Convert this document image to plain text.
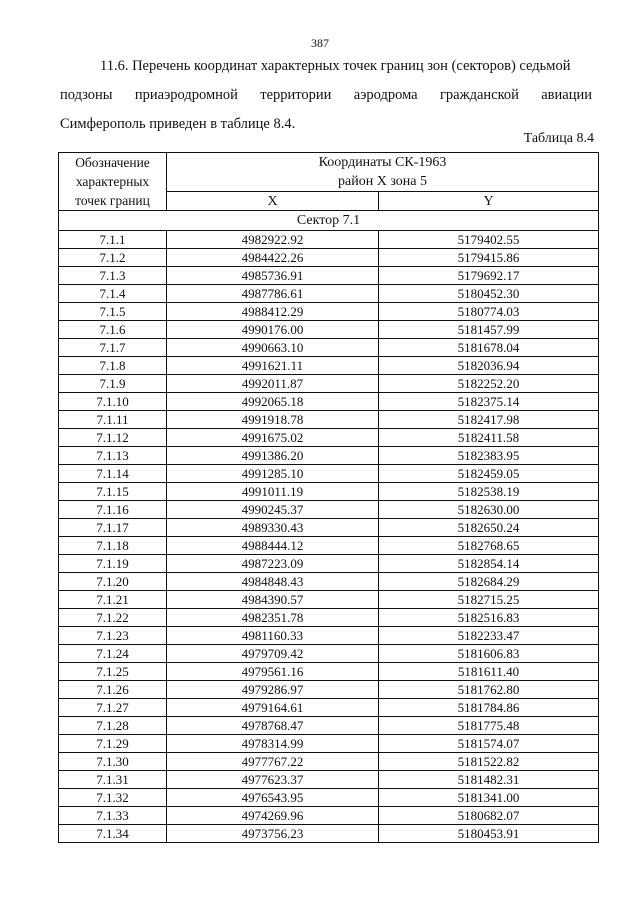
387
11.6. Перечень координат характерных точек границ зон (секторов) седьмой
подзоны приаэродромной территории аэродрома гражданской авиации
Симферополь приведен в таблице 8.4.
Таблица 8.4
Обозначение
характерных
точек границ	Координаты СК-1963
район X зона 5	

	X	Y
Сектор 7.1		
7.1.1	4982922.92	5179402.55
7.1.2	4984422.26	5179415.86
7.1.3	4985736.91	5179692.17
7.1.4	4987786.61	5180452.30
7.1.5	4988412.29	5180774.03
7.1.6	4990176.00	5181457.99
7.1.7	4990663.10	5181678.04
7.1.8	4991621.11	5182036.94
7.1.9	4992011.87	5182252.20
7.1.10	4992065.18	5182375.14
7.1.11	4991918.78	5182417.98
7.1.12	4991675.02	5182411.58
7.1.13	4991386.20	5182383.95
7.1.14	4991285.10	5182459.05
7.1.15	4991011.19	5182538.19
7.1.16	4990245.37	5182630.00
7.1.17	4989330.43	5182650.24
7.1.18	4988444.12	5182768.65
7.1.19	4987223.09	5182854.14
7.1.20	4984848.43	5182684.29
7.1.21	4984390.57	5182715.25
7.1.22	4982351.78	5182516.83
7.1.23	4981160.33	5182233.47
7.1.24	4979709.42	5181606.83
7.1.25	4979561.16	5181611.40
7.1.26	4979286.97	5181762.80
7.1.27	4979164.61	5181784.86
7.1.28	4978768.47	5181775.48
7.1.29	4978314.99	5181574.07
7.1.30	4977767.22	5181522.82
7.1.31	4977623.37	5181482.31
7.1.32	4976543.95	5181341.00
7.1.33	4974269.96	5180682.07
7.1.34	4973756.23	5180453.91
